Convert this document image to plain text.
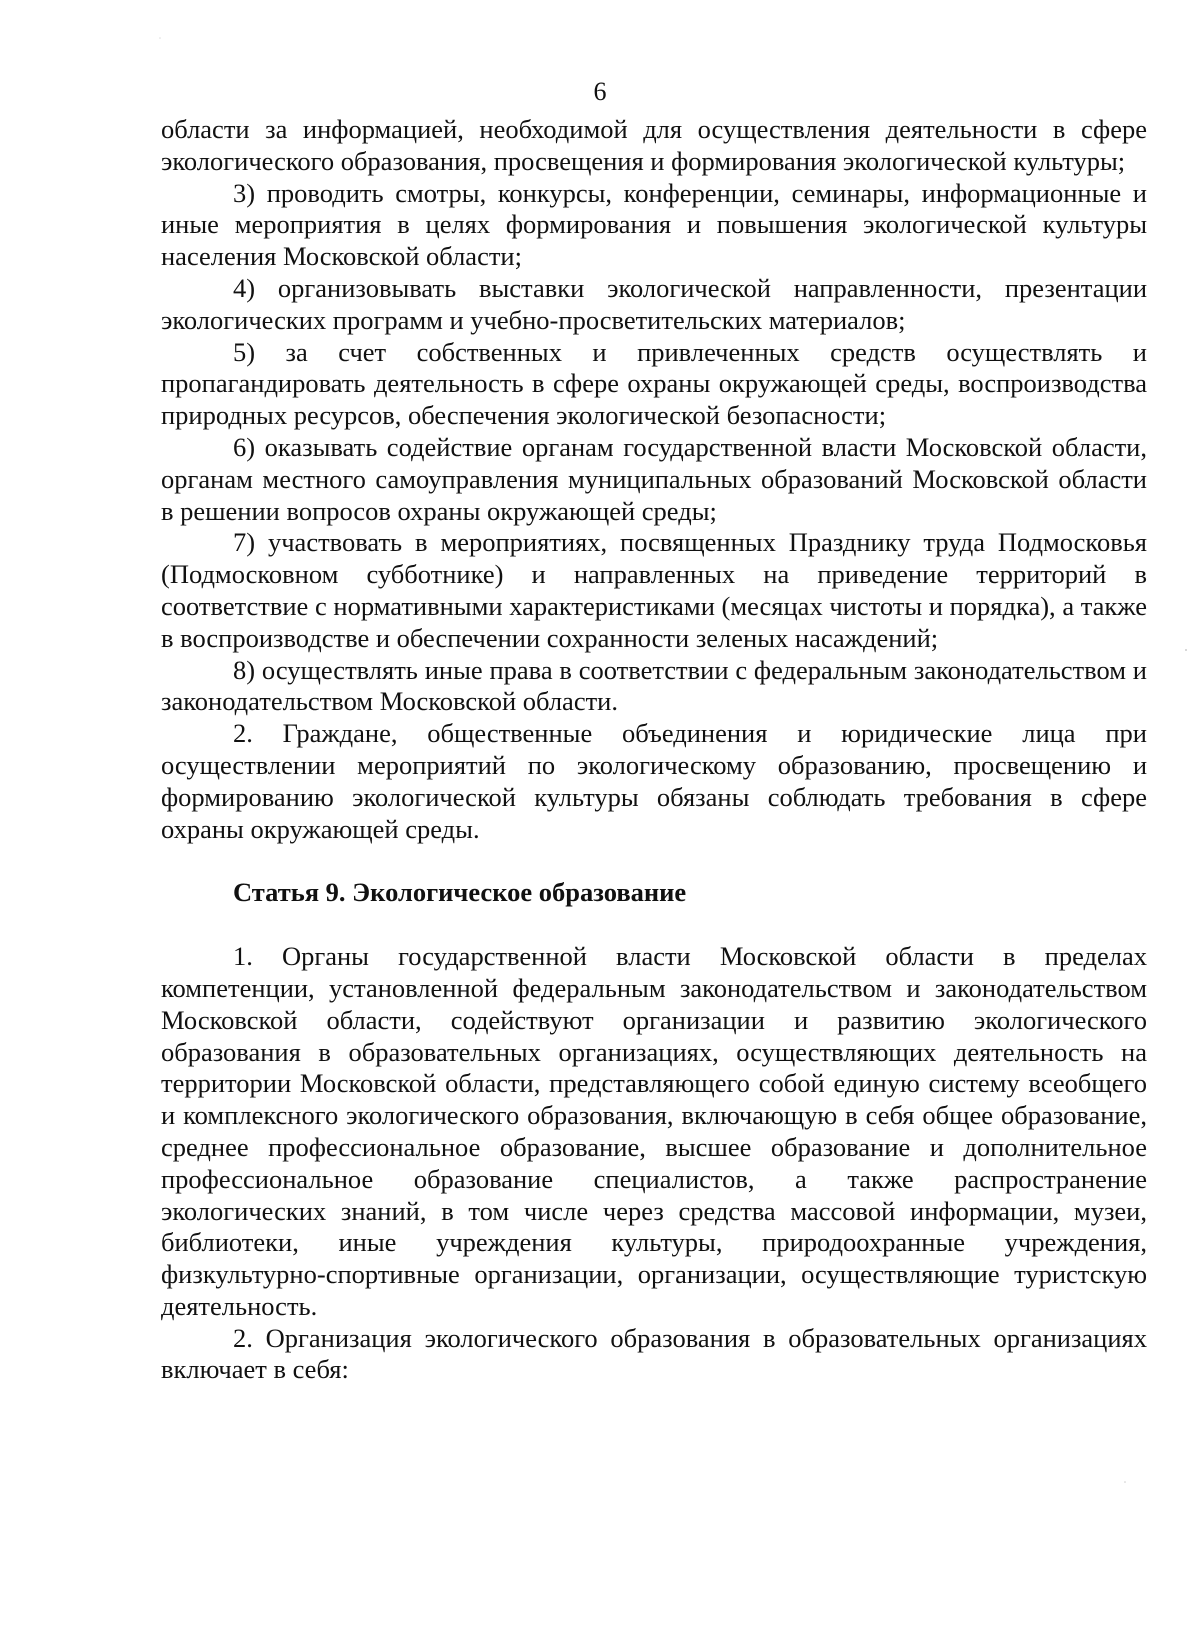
6

области за информацией, необходимой для осуществления деятельности в сфере экологического образования, просвещения и формирования экологической культуры;

3) проводить смотры, конкурсы, конференции, семинары, информационные и иные мероприятия в целях формирования и повышения экологической культуры населения Московской области;

4) организовывать выставки экологической направленности, презентации экологических программ и учебно-просветительских материалов;

5) за счет собственных и привлеченных средств осуществлять и пропагандировать деятельность в сфере охраны окружающей среды, воспроизводства природных ресурсов, обеспечения экологической безопасности;

6) оказывать содействие органам государственной власти Московской области, органам местного самоуправления муниципальных образований Московской области в решении вопросов охраны окружающей среды;

7) участвовать в мероприятиях, посвященных Празднику труда Подмосковья (Подмосковном субботнике) и направленных на приведение территорий в соответствие с нормативными характеристиками (месяцах чистоты и порядка), а также в воспроизводстве и обеспечении сохранности зеленых насаждений;

8) осуществлять иные права в соответствии с федеральным законодательством и законодательством Московской области.

2. Граждане, общественные объединения и юридические лица при осуществлении мероприятий по экологическому образованию, просвещению и формированию экологической культуры обязаны соблюдать требования в сфере охраны окружающей среды.

Статья 9. Экологическое образование

1. Органы государственной власти Московской области в пределах компетенции, установленной федеральным законодательством и законодательством Московской области, содействуют организации и развитию экологического образования в образовательных организациях, осуществляющих деятельность на территории Московской области, представляющего собой единую систему всеобщего и комплексного экологического образования, включающую в себя общее образование, среднее профессиональное образование, высшее образование и дополнительное профессиональное образование специалистов, а также распространение экологических знаний, в том числе через средства массовой информации, музеи, библиотеки, иные учреждения культуры, природоохранные учреждения, физкультурно-спортивные организации, организации, осуществляющие туристскую деятельность.

2. Организация экологического образования в образовательных организациях включает в себя:
